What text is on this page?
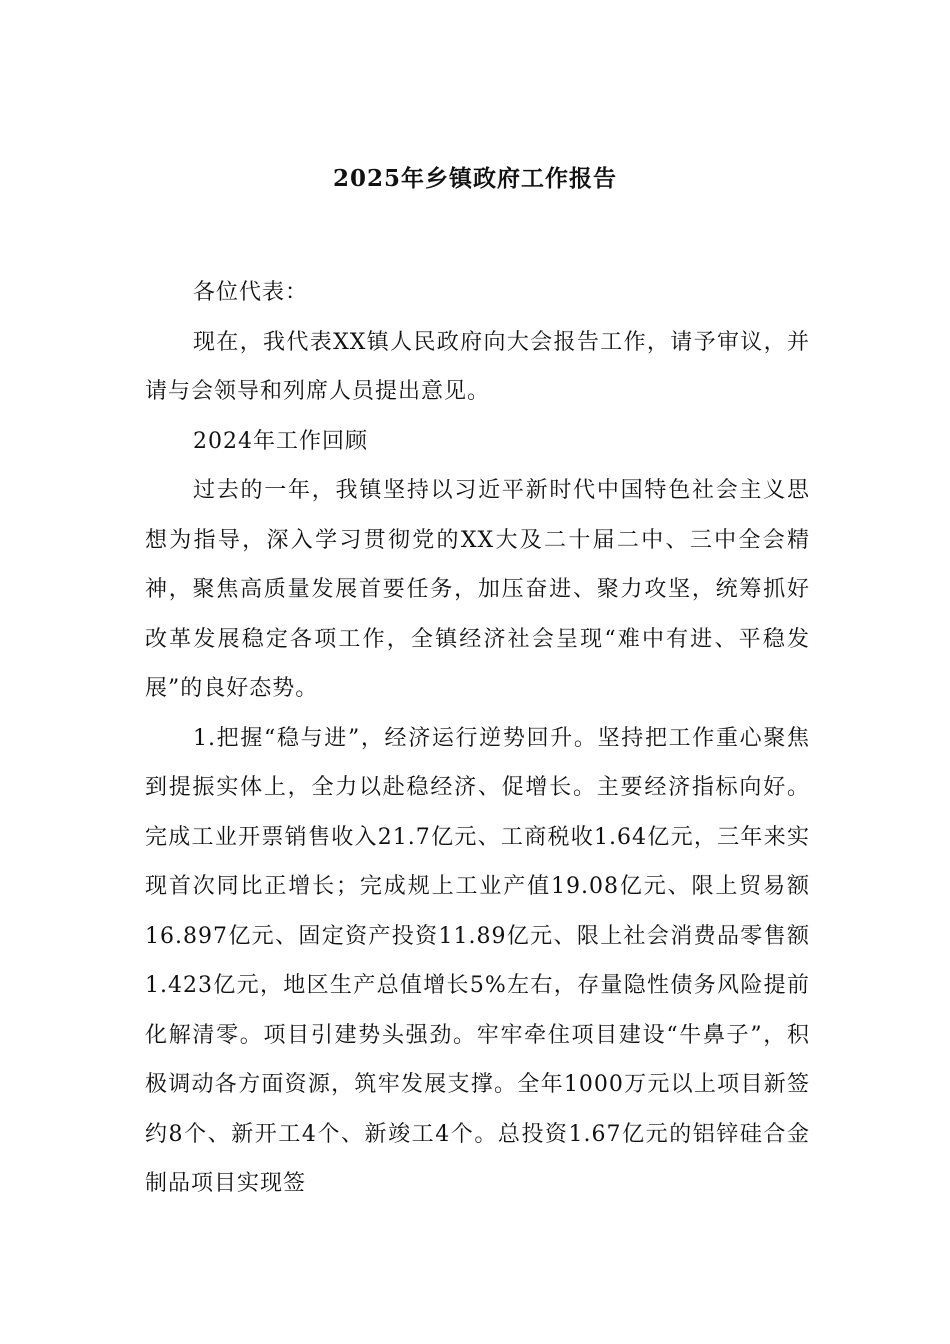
2025年乡镇政府工作报告

各位代表：

现在，我代表XX镇人民政府向大会报告工作，请予审议，并请与会领导和列席人员提出意见。

2024年工作回顾

过去的一年，我镇坚持以习近平新时代中国特色社会主义思想为指导，深入学习贯彻党的XX大及二十届二中、三中全会精神，聚焦高质量发展首要任务，加压奋进、聚力攻坚，统筹抓好改革发展稳定各项工作，全镇经济社会呈现“难中有进、平稳发展”的良好态势。

1.把握“稳与进”，经济运行逆势回升。坚持把工作重心聚焦到提振实体上，全力以赴稳经济、促增长。主要经济指标向好。完成工业开票销售收入21.7亿元、工商税收1.64亿元，三年来实现首次同比正增长；完成规上工业产值19.08亿元、限上贸易额16.897亿元、固定资产投资11.89亿元、限上社会消费品零售额1.423亿元，地区生产总值增长5%左右，存量隐性债务风险提前化解清零。项目引建势头强劲。牢牢牵住项目建设“牛鼻子”，积极调动各方面资源，筑牢发展支撑。全年1000万元以上项目新签约8个、新开工4个、新竣工4个。总投资1.67亿元的铝锌硅合金制品项目实现签
